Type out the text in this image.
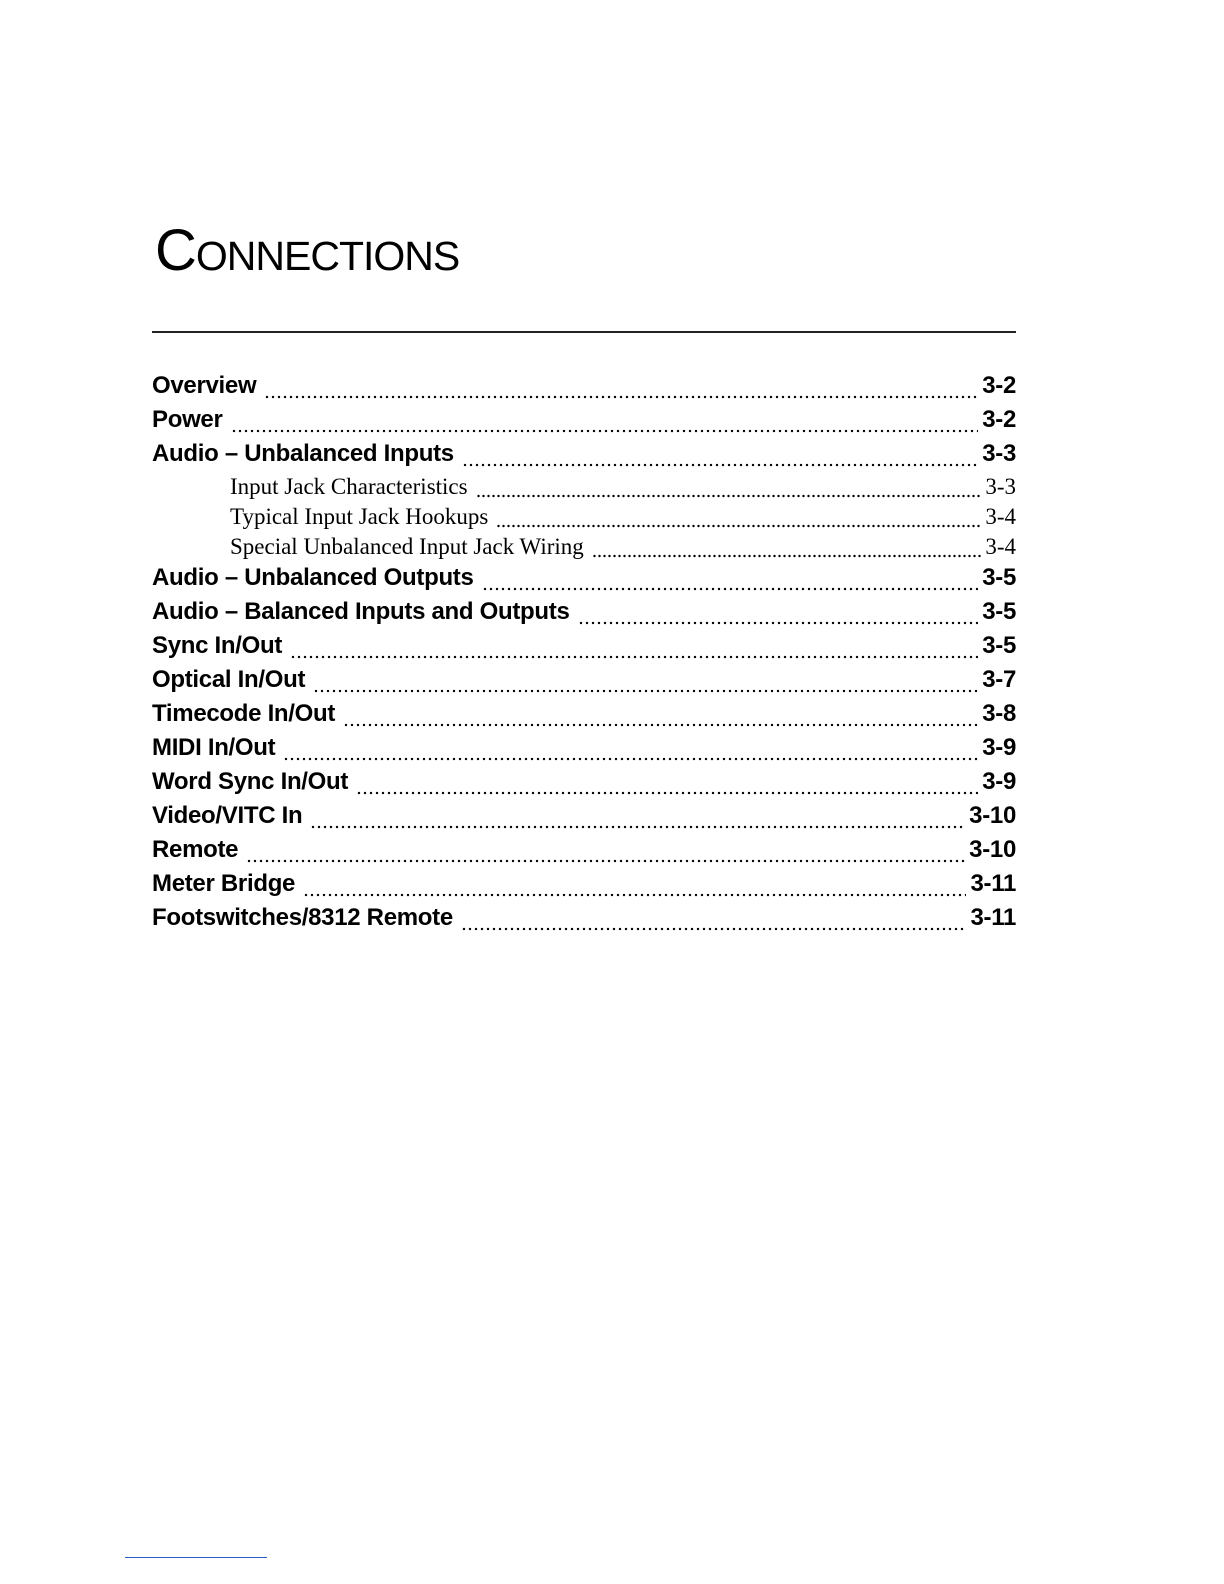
Connections
Overview	3-2
Power	3-2
Audio – Unbalanced Inputs	3-3
Input Jack Characteristics	3-3
Typical Input Jack Hookups	3-4
Special Unbalanced Input Jack Wiring	3-4
Audio – Unbalanced Outputs	3-5
Audio – Balanced Inputs and Outputs	3-5
Sync In/Out	3-5
Optical In/Out	3-7
Timecode In/Out	3-8
MIDI In/Out	3-9
Word Sync In/Out	3-9
Video/VITC In	3-10
Remote	3-10
Meter Bridge	3-11
Footswitches/8312 Remote	3-11
